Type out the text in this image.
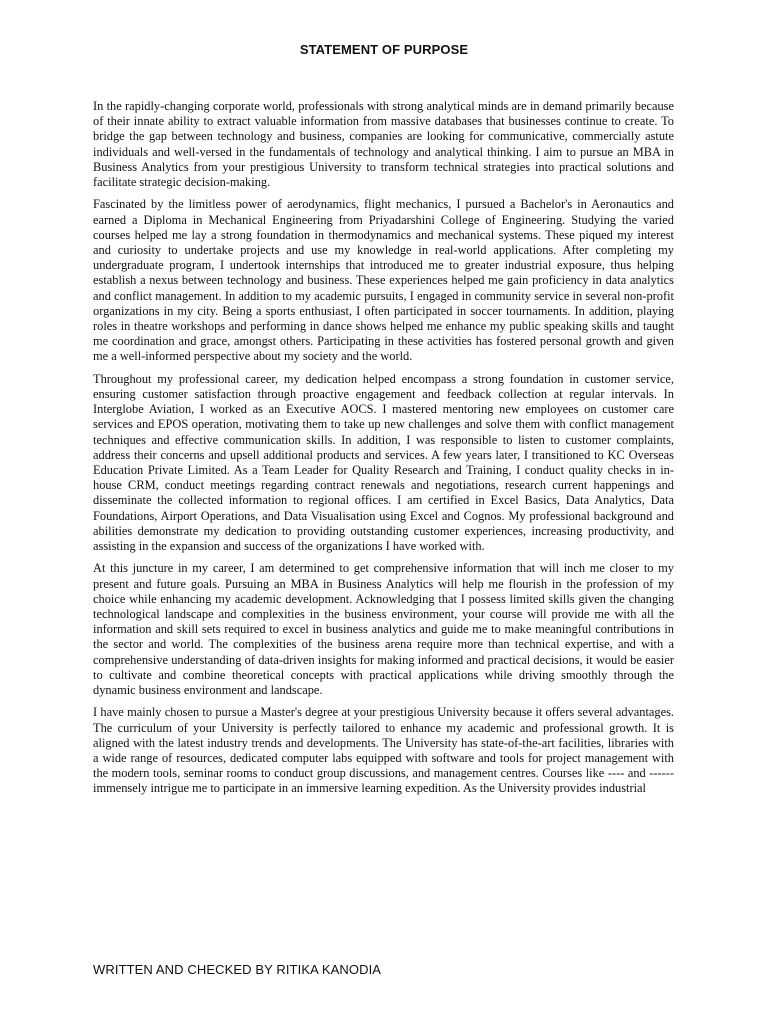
STATEMENT OF PURPOSE

In the rapidly-changing corporate world, professionals with strong analytical minds are in demand primarily because of their innate ability to extract valuable information from massive databases that businesses continue to create. To bridge the gap between technology and business, companies are looking for communicative, commercially astute individuals and well-versed in the fundamentals of technology and analytical thinking. I aim to pursue an MBA in Business Analytics from your prestigious University to transform technical strategies into practical solutions and facilitate strategic decision-making.

Fascinated by the limitless power of aerodynamics, flight mechanics, I pursued a Bachelor's in Aeronautics and earned a Diploma in Mechanical Engineering from Priyadarshini College of Engineering. Studying the varied courses helped me lay a strong foundation in thermodynamics and mechanical systems. These piqued my interest and curiosity to undertake projects and use my knowledge in real-world applications. After completing my undergraduate program, I undertook internships that introduced me to greater industrial exposure, thus helping establish a nexus between technology and business. These experiences helped me gain proficiency in data analytics and conflict management. In addition to my academic pursuits, I engaged in community service in several non-profit organizations in my city. Being a sports enthusiast, I often participated in soccer tournaments. In addition, playing roles in theatre workshops and performing in dance shows helped me enhance my public speaking skills and taught me coordination and grace, amongst others. Participating in these activities has fostered personal growth and given me a well-informed perspective about my society and the world.

Throughout my professional career, my dedication helped encompass a strong foundation in customer service, ensuring customer satisfaction through proactive engagement and feedback collection at regular intervals. In Interglobe Aviation, I worked as an Executive AOCS. I mastered mentoring new employees on customer care services and EPOS operation, motivating them to take up new challenges and solve them with conflict management techniques and effective communication skills. In addition, I was responsible to listen to customer complaints, address their concerns and upsell additional products and services. A few years later, I transitioned to KC Overseas Education Private Limited. As a Team Leader for Quality Research and Training, I conduct quality checks in in-house CRM, conduct meetings regarding contract renewals and negotiations, research current happenings and disseminate the collected information to regional offices. I am certified in Excel Basics, Data Analytics, Data Foundations, Airport Operations, and Data Visualisation using Excel and Cognos. My professional background and abilities demonstrate my dedication to providing outstanding customer experiences, increasing productivity, and assisting in the expansion and success of the organizations I have worked with.

At this juncture in my career, I am determined to get comprehensive information that will inch me closer to my present and future goals. Pursuing an MBA in Business Analytics will help me flourish in the profession of my choice while enhancing my academic development. Acknowledging that I possess limited skills given the changing technological landscape and complexities in the business environment, your course will provide me with all the information and skill sets required to excel in business analytics and guide me to make meaningful contributions in the sector and world. The complexities of the business arena require more than technical expertise, and with a comprehensive understanding of data-driven insights for making informed and practical decisions, it would be easier to cultivate and combine theoretical concepts with practical applications while driving smoothly through the dynamic business environment and landscape.

I have mainly chosen to pursue a Master's degree at your prestigious University because it offers several advantages. The curriculum of your University is perfectly tailored to enhance my academic and professional growth. It is aligned with the latest industry trends and developments. The University has state-of-the-art facilities, libraries with a wide range of resources, dedicated computer labs equipped with software and tools for project management with the modern tools, seminar rooms to conduct group discussions, and management centres. Courses like ---- and ------immensely intrigue me to participate in an immersive learning expedition. As the University provides industrial

WRITTEN AND CHECKED BY RITIKA KANODIA
